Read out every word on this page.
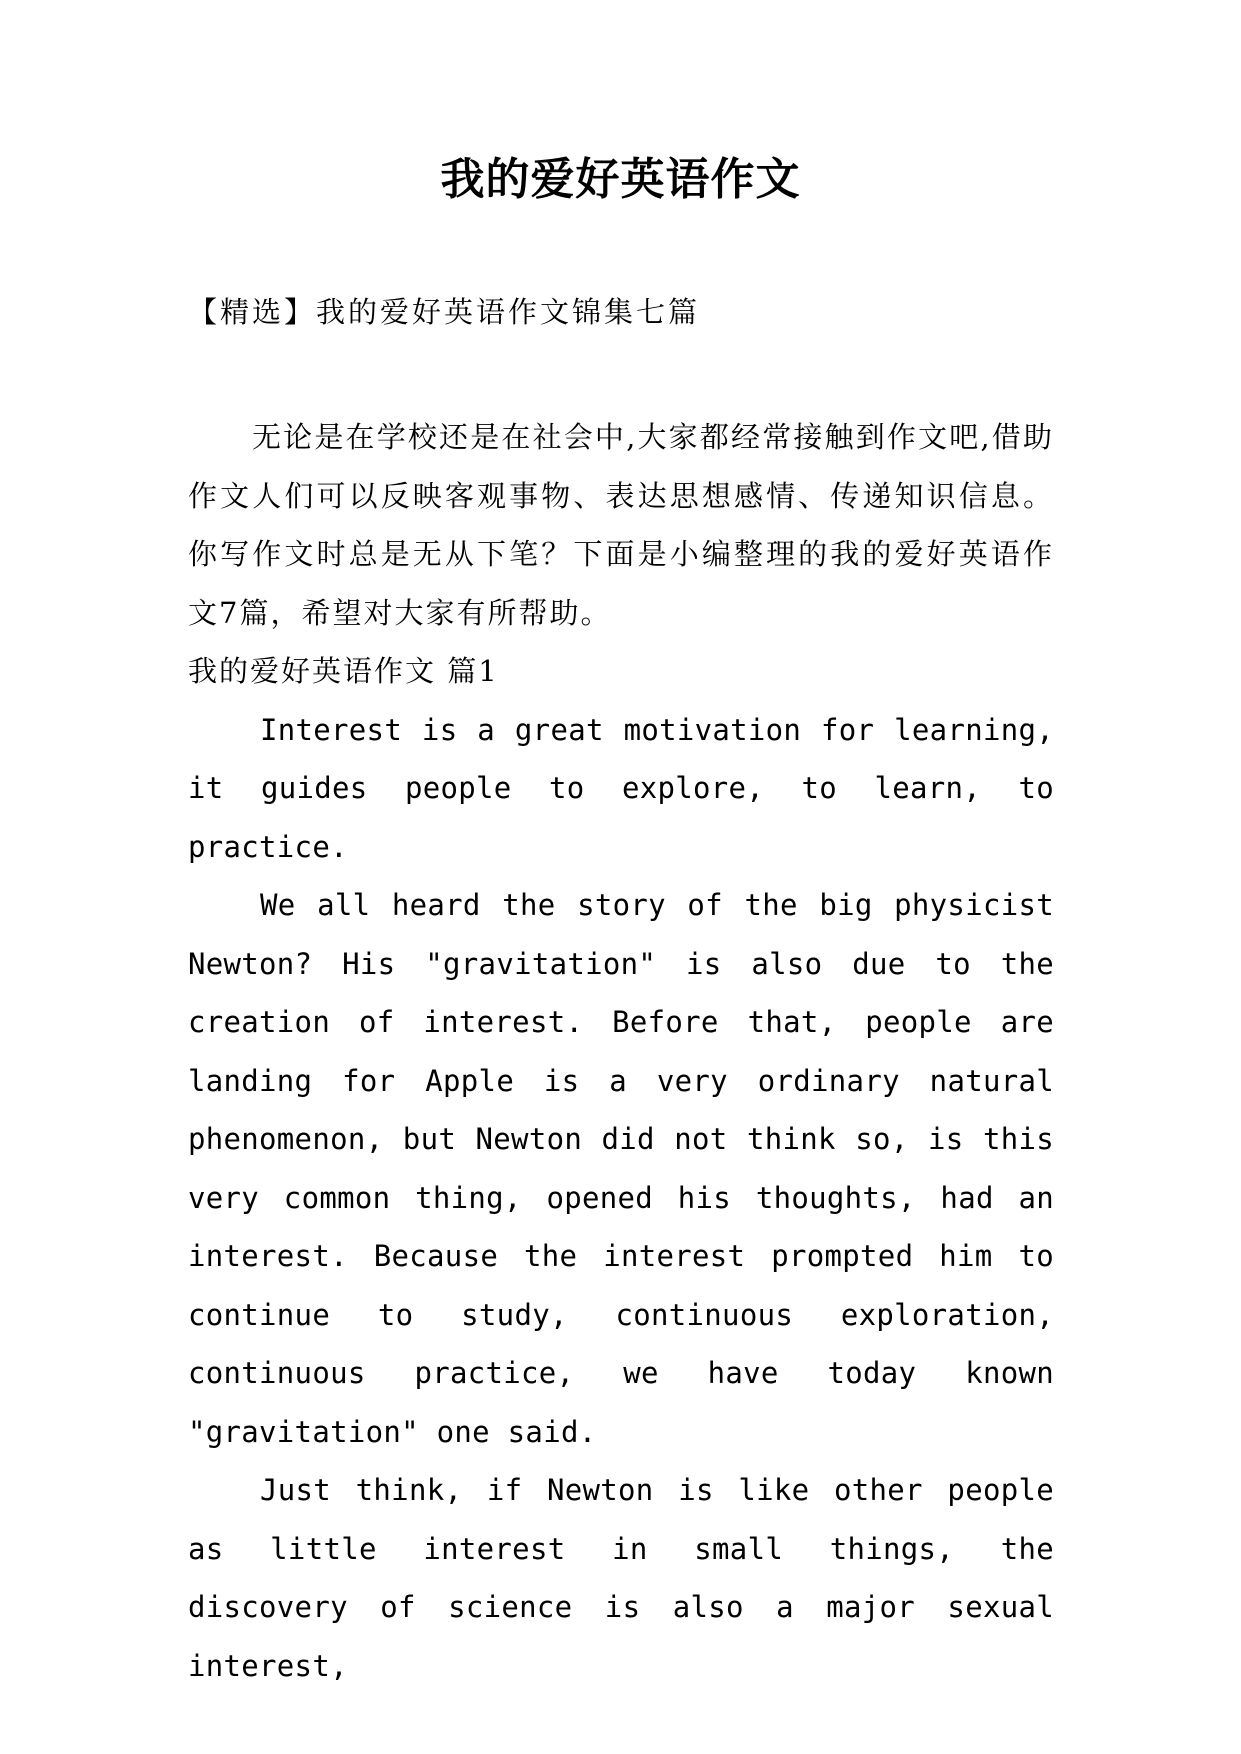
我的爱好英语作文
【精选】我的爱好英语作文锦集七篇

无论是在学校还是在社会中,大家都经常接触到作文吧,借助作文人们可以反映客观事物、表达思想感情、传递知识信息。你写作文时总是无从下笔？下面是小编整理的我的爱好英语作文7篇，希望对大家有所帮助。

我的爱好英语作文 篇1

Interest is a great motivation for learning, it guides people to explore, to learn, to practice.

We all heard the story of the big physicist Newton? His "gravitation" is also due to the creation of interest. Before that, people are landing for Apple is a very ordinary natural phenomenon, but Newton did not think so, is this very common thing, opened his thoughts, had an interest. Because the interest prompted him to continue to study, continuous exploration, continuous practice, we have today known "gravitation" one said.

Just think, if Newton is like other people as little interest in small things, the discovery of science is also a major sexual interest,
